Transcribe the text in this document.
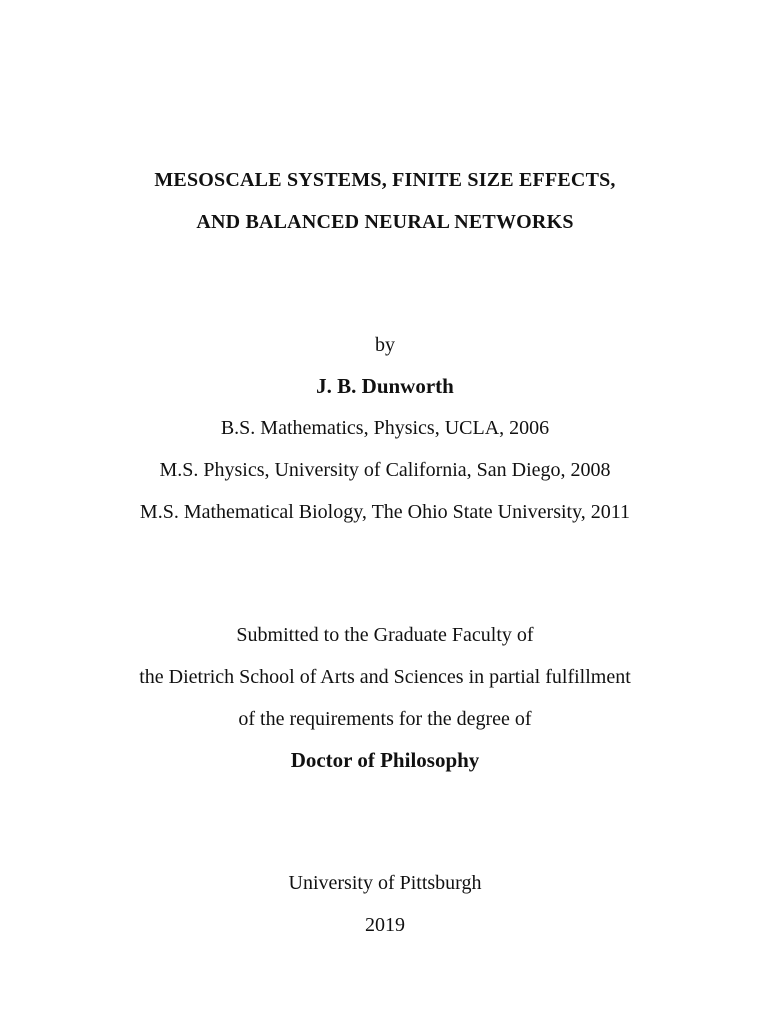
MESOSCALE SYSTEMS, FINITE SIZE EFFECTS,
AND BALANCED NEURAL NETWORKS
by
J. B. Dunworth
B.S. Mathematics, Physics, UCLA, 2006
M.S. Physics, University of California, San Diego, 2008
M.S. Mathematical Biology, The Ohio State University, 2011
Submitted to the Graduate Faculty of
the Dietrich School of Arts and Sciences in partial fulfillment
of the requirements for the degree of
Doctor of Philosophy
University of Pittsburgh
2019
